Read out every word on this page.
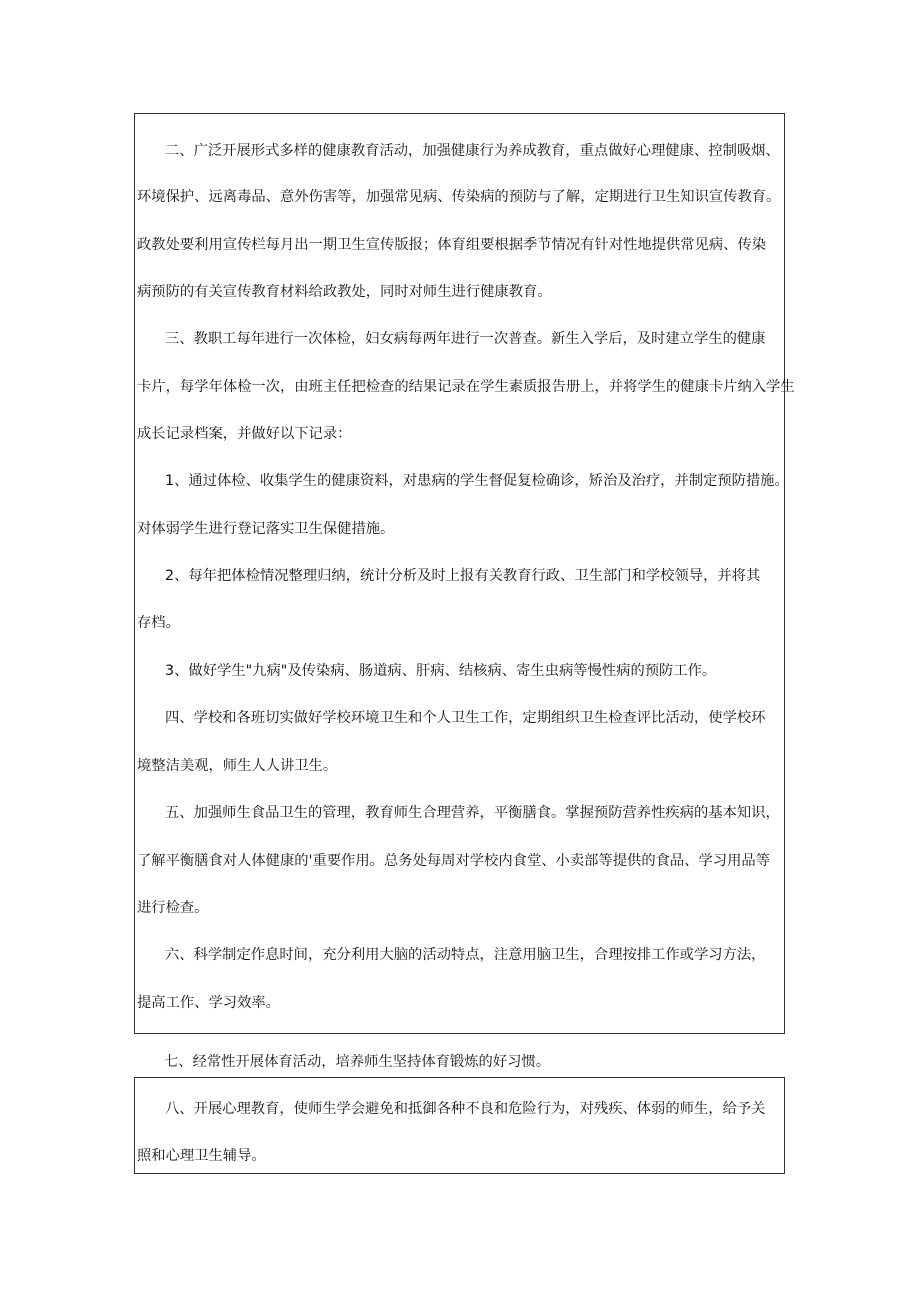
二、广泛开展形式多样的健康教育活动，加强健康行为养成教育，重点做好心理健康、控制吸烟、
环境保护、远离毒品、意外伤害等，加强常见病、传染病的预防与了解，定期进行卫生知识宣传教育。
政教处要利用宣传栏每月出一期卫生宣传版报；体育组要根据季节情况有针对性地提供常见病、传染
病预防的有关宣传教育材料给政教处，同时对师生进行健康教育。
三、教职工每年进行一次体检，妇女病每两年进行一次普查。新生入学后，及时建立学生的健康
卡片，每学年体检一次，由班主任把检查的结果记录在学生素质报告册上，并将学生的健康卡片纳入学生
成长记录档案，并做好以下记录：
1、通过体检、收集学生的健康资料，对患病的学生督促复检确诊，矫治及治疗，并制定预防措施。
对体弱学生进行登记落实卫生保健措施。
2、每年把体检情况整理归纳，统计分析及时上报有关教育行政、卫生部门和学校领导，并将其
存档。
3、做好学生"九病"及传染病、肠道病、肝病、结核病、寄生虫病等慢性病的预防工作。
四、学校和各班切实做好学校环境卫生和个人卫生工作，定期组织卫生检查评比活动，使学校环
境整洁美观，师生人人讲卫生。
五、加强师生食品卫生的管理，教育师生合理营养，平衡膳食。掌握预防营养性疾病的基本知识，
了解平衡膳食对人体健康的'重要作用。总务处每周对学校内食堂、小卖部等提供的食品、学习用品等
进行检查。
六、科学制定作息时间，充分利用大脑的活动特点，注意用脑卫生，合理按排工作或学习方法，
提高工作、学习效率。
七、经常性开展体育活动，培养师生坚持体育锻炼的好习惯。
八、开展心理教育，使师生学会避免和抵御各种不良和危险行为，对残疾、体弱的师生，给予关
照和心理卫生辅导。
